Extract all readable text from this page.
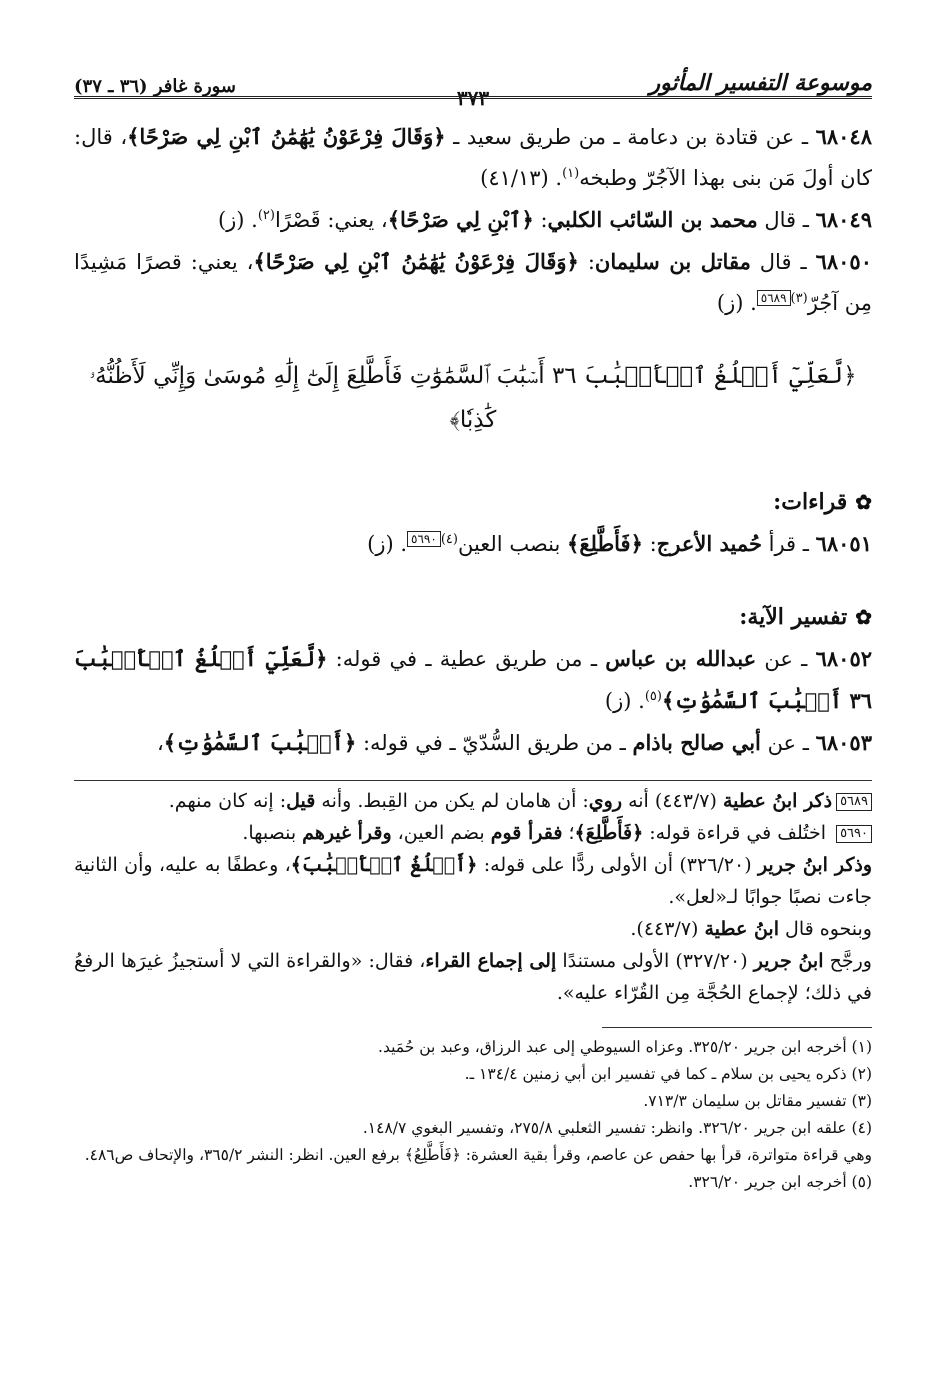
موسوعة التفسير المأثور
٣٧٣
سورة غافر (٣٦ ـ ٣٧)

٦٨٠٤٨ ـ عن قتادة بن دعامة ـ من طريق سعيد ـ ﴿وَقَالَ فِرْعَوْنُ يَٰهَٰمَٰنُ ٱبْنِ لِي صَرْحًا﴾، قال: كان أولَ مَن بنى بهذا الآجُرّ وطبخه$^{(١)}$. (٤١/١٣)

٦٨٠٤٩ ـ قال محمد بن السّائب الكلبي: ﴿ٱبْنِ لِي صَرْحًا﴾، يعني: قَصْرًا$^{(٢)}$. (ز)

٦٨٠٥٠ ـ قال مقاتل بن سليمان: ﴿وَقَالَ فِرْعَوْنُ يَٰهَٰمَٰنُ ٱبْنِ لِي صَرْحًا﴾، يعني: قصرًا مَشِيدًا مِن آجُرّ$^{(٣)}$٥٦٨٩. (ز)

﴿لَّعَلِّيٓ أَبۡلُغُ ٱلۡأَسۡبَٰبَ ٣٦ أَسۡبَٰبَ ٱلسَّمَٰوَٰتِ فَأَطَّلِعَ إِلَىٰٓ إِلَٰهِ مُوسَىٰ وَإِنِّي لَأَظُنُّهُۥ كَٰذِبٗا﴾
✿قراءات:

٦٨٠٥١ ـ قرأ حُميد الأعرج: ﴿فَأَطَّلِعَ﴾ بنصب العين$^{(٤)}$٥٦٩٠. (ز)

✿تفسير الآية:

٦٨٠٥٢ ـ عن عبدالله بن عباس ـ من طريق عطية ـ في قوله: ﴿لَّعَلِّيٓ أَبۡلُغُ ٱلۡأَسۡبَٰبَ ٣٦ أَسۡبَٰبَ ٱلسَّمَٰوَٰتِ﴾$^{(٥)}$. (ز)

٦٨٠٥٣ ـ عن أبي صالح باذام ـ من طريق السُّدّيّ ـ في قوله: ﴿أَسۡبَٰبَ ٱلسَّمَٰوَٰتِ﴾،

٥٦٨٩ذكر ابنُ عطية (٤٤٣/٧) أنه روي: أن هامان لم يكن من القِبط. وأنه قيل: إنه كان منهم.

٥٦٩٠ اختُلف في قراءة قوله: ﴿فَأَطَّلِعَ﴾؛ فقرأ قوم بضم العين، وقرأ غيرهم بنصبها.

وذكر ابنُ جرير (٣٢٦/٢٠) أن الأولى ردًّا على قوله: ﴿أَبۡلُغُ ٱلۡأَسۡبَٰبَ﴾، وعطفًا به عليه، وأن الثانية جاءت نصبًا جوابًا لـ«لعل».

وبنحوه قال ابنُ عطية (٤٤٣/٧).

ورجَّح ابنُ جرير (٣٢٧/٢٠) الأولى مستندًا إلى إجماع القراء، فقال: «والقراءة التي لا أستجيزُ غيرَها الرفعُ في ذلك؛ لإجماع الحُجَّة مِن القُرّاء عليه».

(١) أخرجه ابن جرير ٣٢٥/٢٠. وعزاه السيوطي إلى عبد الرزاق، وعبد بن حُمَيد.

(٢) ذكره يحيى بن سلام ـ كما في تفسير ابن أبي زمنين ١٣٤/٤ ـ.

(٣) تفسير مقاتل بن سليمان ٧١٣/٣.

(٤) علقه ابن جرير ٣٢٦/٢٠. وانظر: تفسير الثعلبي ٢٧٥/٨، وتفسير البغوي ١٤٨/٧.

وهي قراءة متواترة، قرأ بها حفص عن عاصم، وقرأ بقية العشرة: ﴿فَأَطَّلِعُ﴾ برفع العين. انظر: النشر ٣٦٥/٢، والإتحاف ص٤٨٦.

(٥) أخرجه ابن جرير ٣٢٦/٢٠.
